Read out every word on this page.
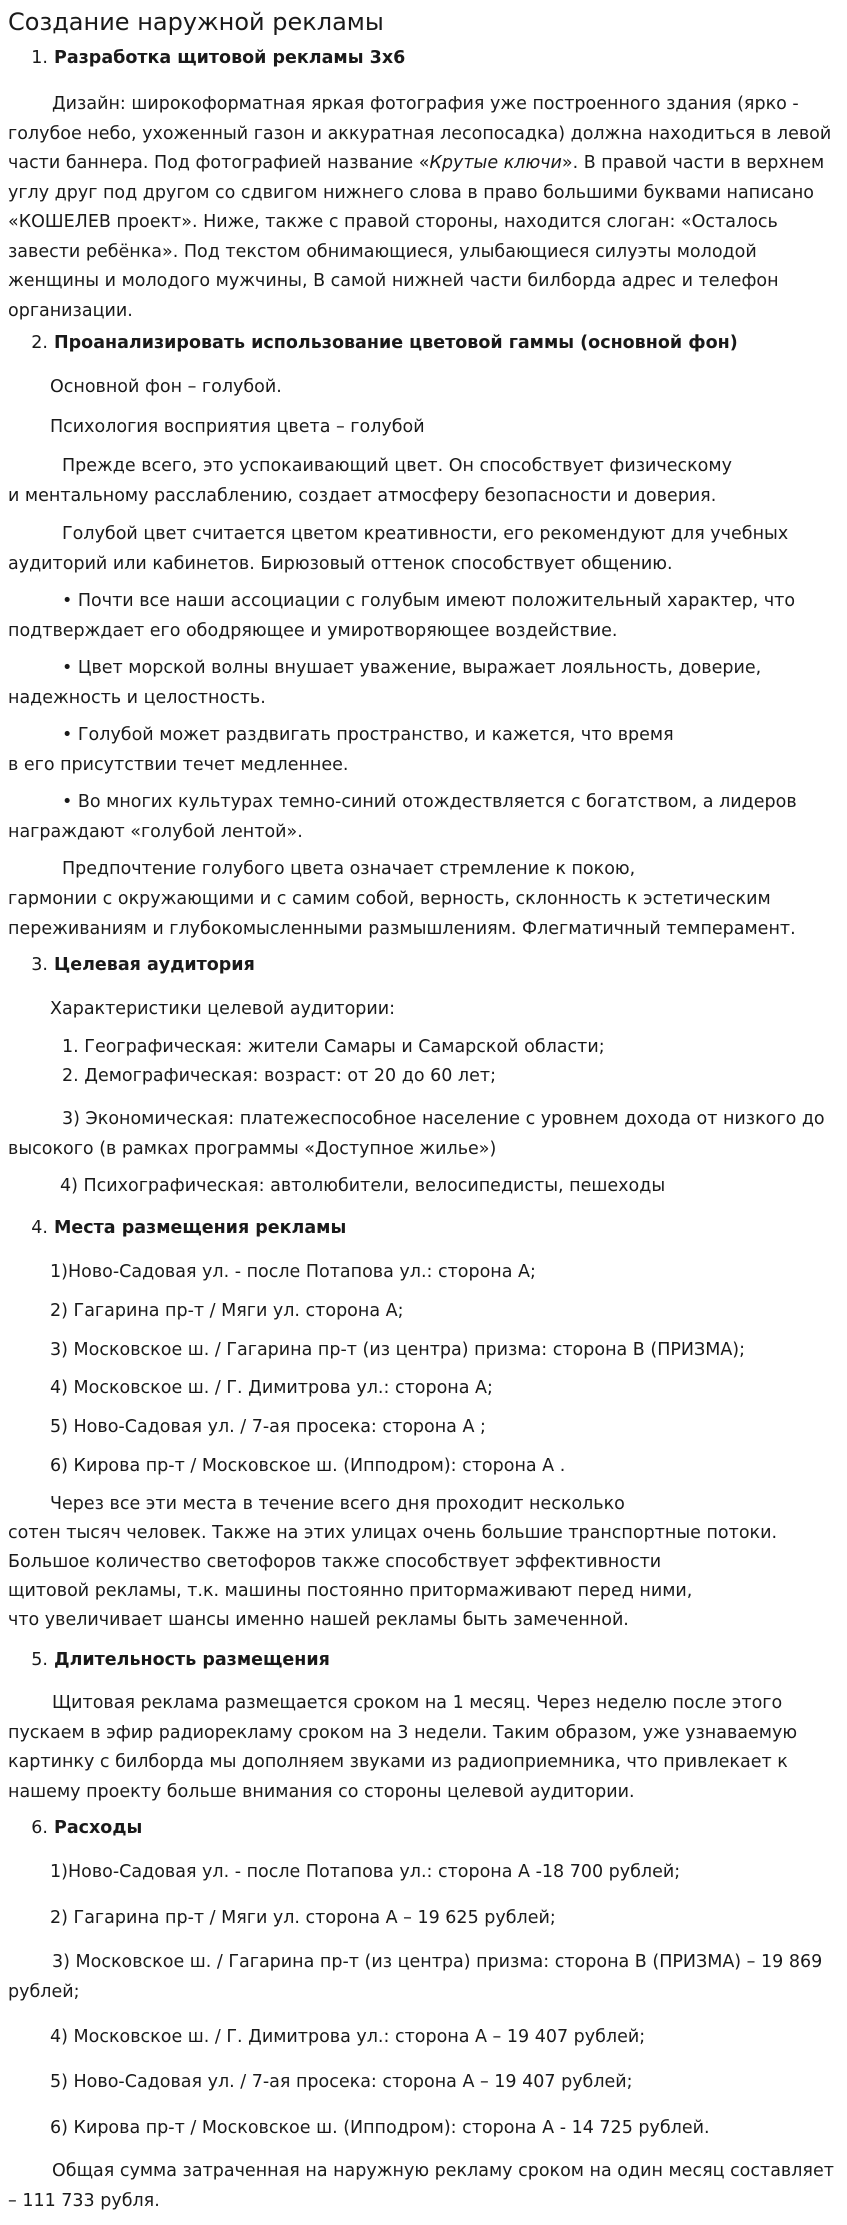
Создание наружной рекламы
1. Разработка щитовой рекламы 3х6
Дизайн: широкоформатная яркая фотография уже построенного здания (ярко - голубое небо, ухоженный газон и аккуратная лесопосадка) должна находиться в левой части баннера. Под фотографией название «Крутые ключи». В правой части в верхнем углу друг под другом со сдвигом нижнего слова в право большими буквами написано «КОШЕЛЕВ проект». Ниже, также с правой стороны, находится слоган: «Осталось завести ребёнка». Под текстом обнимающиеся, улыбающиеся силуэты молодой женщины и молодого мужчины, В самой нижней части билборда адрес и телефон организации.
2. Проанализировать использование цветовой гаммы (основной фон)
Основной фон – голубой.
Психология восприятия цвета – голубой
Прежде всего, это успокаивающий цвет. Он способствует физическому
и ментальному расслаблению, создает атмосферу безопасности и доверия.
Голубой цвет считается цветом креативности, его рекомендуют для учебных аудиторий или кабинетов. Бирюзовый оттенок способствует общению.
• Почти все наши ассоциации с голубым имеют положительный характер, что подтверждает его ободряющее и умиротворяющее воздействие.
• Цвет морской волны внушает уважение, выражает лояльность, доверие, надежность и целостность.
• Голубой может раздвигать пространство, и кажется, что время
в его присутствии течет медленнее.
• Во многих культурах темно-синий отождествляется с богатством, а лидеров награждают «голубой лентой».
Предпочтение голубого цвета означает стремление к покою,
гармонии с окружающими и с самим собой, верность, склонность к эстетическим переживаниям и глубокомысленными размышлениям. Флегматичный темперамент.
3. Целевая аудитория
Характеристики целевой аудитории:
1. Географическая: жители Самары и Самарской области;
2. Демографическая: возраст: от 20 до 60 лет;
3) Экономическая: платежеспособное население с уровнем дохода от низкого до высокого (в рамках программы «Доступное жилье»)
4) Психографическая: автолюбители, велосипедисты, пешеходы
4. Места размещения рекламы
1)Ново-Садовая ул. - после Потапова ул.: сторона А;
2) Гагарина пр-т / Мяги ул. сторона А;
3) Московское ш. / Гагарина пр-т (из центра) призма: сторона В (ПРИЗМА);
4) Московское ш. / Г. Димитрова ул.: сторона А;
5) Ново-Садовая ул. / 7-ая просека: сторона А ;
6) Кирова пр-т / Московское ш. (Ипподром): сторона А .
Через все эти места в течение всего дня проходит несколько
сотен тысяч человек. Также на этих улицах очень большие транспортные потоки.
Большое количество светофоров также способствует эффективности
щитовой рекламы, т.к. машины постоянно притормаживают перед ними,
что увеличивает шансы именно нашей рекламы быть замеченной.
5. Длительность размещения
Щитовая реклама размещается сроком на 1 месяц. Через неделю после этого пускаем в эфир радиорекламу сроком на 3 недели. Таким образом, уже узнаваемую картинку с билборда мы дополняем звуками из радиоприемника, что привлекает к нашему проекту больше внимания со стороны целевой аудитории.
6. Расходы
1)Ново-Садовая ул. - после Потапова ул.: сторона А -18 700 рублей;
2) Гагарина пр-т / Мяги ул. сторона А – 19 625 рублей;
3) Московское ш. / Гагарина пр-т (из центра) призма: сторона В (ПРИЗМА) – 19 869 рублей;
4) Московское ш. / Г. Димитрова ул.: сторона А – 19 407 рублей;
5) Ново-Садовая ул. / 7-ая просека: сторона А – 19 407 рублей;
6) Кирова пр-т / Московское ш. (Ипподром): сторона А - 14 725 рублей.
Общая сумма затраченная на наружную рекламу сроком на один месяц составляет – 111 733 рубля.
